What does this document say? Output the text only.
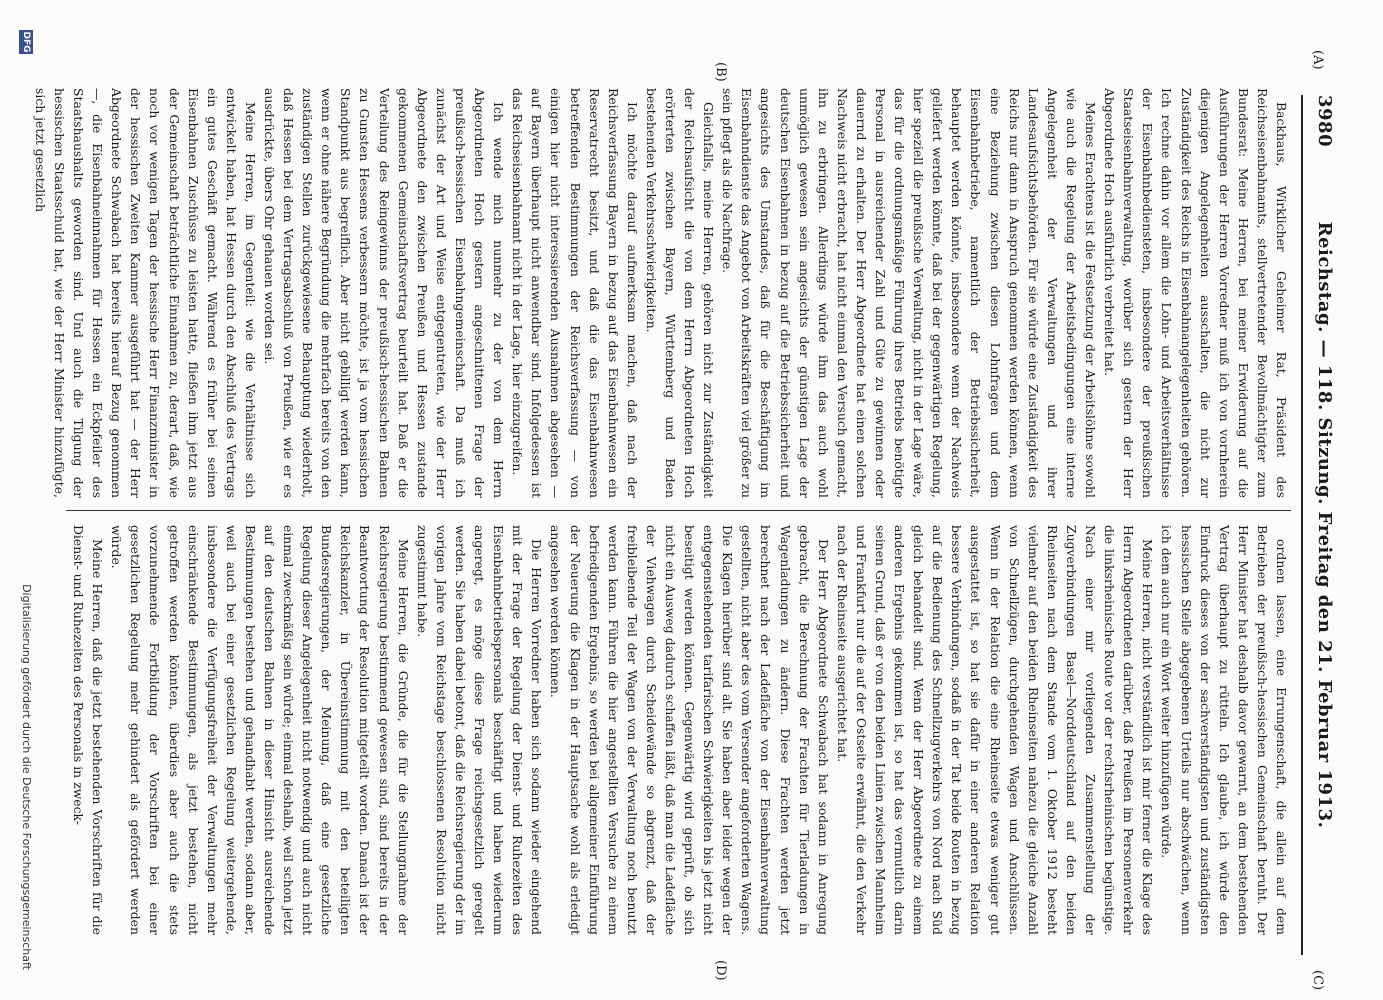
3980
Reichstag. — 118. Sitzung. Freitag den 21. Februar 1913.
(A)
(B)
(C)
(D)

Backhaus, Wirklicher Geheimer Rat, Präsident des Reichseisenbahnamts, stellvertretender Bevollmächtigter zum Bundesrat: Meine Herren, bei meiner Erwiderung auf die Ausführungen der Herren Vorredner muß ich von vornherein diejenigen Angelegenheiten ausschalten, die nicht zur Zuständigkeit des Reichs in Eisenbahnangelegenheiten gehören. Ich rechne dahin vor allem die Lohn- und Arbeitsverhältnisse der Eisenbahnbediensteten, insbesondere der preußischen Staatseisenbahnverwaltung, worüber sich gestern der Herr Abgeordnete Hoch ausführlich verbreitet hat.

Meines Erachtens ist die Festsetzung der Arbeitslöhne sowohl wie auch die Regelung der Arbeitsbedingungen eine interne Angelegenheit der Verwaltungen und ihrer Landesaufsichtsbehörden. Für sie würde eine Zuständigkeit des Reichs nur dann in Anspruch genommen werden können, wenn eine Beziehung zwischen diesen Lohnfragen und dem Eisenbahnbetriebe, namentlich der Betriebssicherheit, behauptet werden könnte, insbesondere wenn der Nachweis geliefert werden könnte, daß bei der gegenwärtigen Regelung, hier speziell die preußische Verwaltung, nicht in der Lage wäre, das für die ordnungsmäßige Führung ihres Betriebs benötigte Personal in ausreichender Zahl und Güte zu gewinnen oder dauernd zu erhalten. Der Herr Abgeordnete hat einen solchen Nachweis nicht erbracht, hat nicht einmal den Versuch gemacht, ihn zu erbringen. Allerdings würde ihm das auch wohl unmöglich gewesen sein angesichts der günstigen Lage der deutschen Eisenbahnen in bezug auf die Betriebssicherheit und angesichts des Umstandes, daß für die Beschäftigung im Eisenbahndienste das Angebot von Arbeitskräften viel größer zu sein pflegt als die Nachfrage.

Gleichfalls, meine Herren, gehören nicht zur Zuständigkeit der Reichsaufsicht die von dem Herrn Abgeordneten Hoch erörterten zwischen Bayern, Württemberg und Baden bestehenden Verkehrsschwierigkeiten.

Ich möchte darauf aufmerksam machen, daß nach der Reichsverfassung Bayern in bezug auf das Eisenbahnwesen ein Reservatrecht besitzt, und daß die das Eisenbahnwesen betreffenden Bestimmungen der Reichsverfassung — von einigen hier nicht interessierenden Ausnahmen abgesehen — auf Bayern überhaupt nicht anwendbar sind. Infolgedessen ist das Reichseisenbahnamt nicht in der Lage, hier einzugreifen.

Ich wende mich nunmehr zu der von dem Herrn Abgeordneten Hoch gestern angeschnittenen Frage der preußisch-hessischen Eisenbahngemeinschaft. Da muß ich zunächst der Art und Weise entgegentreten, wie der Herr Abgeordnete den zwischen Preußen und Hessen zustande gekommenen Gemeinschaftsvertrag beurteilt hat. Daß er die Verteilung des Reingewinns der preußisch-hessischen Bahnen zu Gunsten Hessens verbessern möchte, ist ja vom hessischen Standpunkt aus begreiflich. Aber nicht gebilligt werden kann, wenn er ohne nähere Begründung die mehrfach bereits von den zuständigen Stellen zurückgewiesene Behauptung wiederholt, daß Hessen bei dem Vertragsabschluß von Preußen, wie er es ausdrückte, übers Ohr gehauen worden sei.

Meine Herren, im Gegenteil: wie die Verhältnisse sich entwickelt haben, hat Hessen durch den Abschluß des Vertrags ein gutes Geschäft gemacht. Während es früher bei seinen Eisenbahnen Zuschüsse zu leisten hatte, fließen ihm jetzt aus der Gemeinschaft beträchtliche Einnahmen zu, derart, daß, wie noch vor wenigen Tagen der hessische Herr Finanzminister in der hessischen Zweiten Kammer ausgeführt hat — der Herr Abgeordnete Schwabach hat bereits hierauf Bezug genommen —, die Eisenbahneinnahmen für Hessen ein Eckpfeiler des Staatshaushalts geworden sind. Und auch die Tilgung der hessischen Staatsschuld hat, wie der Herr Minister hinzufügte, sich jetzt gesetzlich

ordnen lassen, eine Errungenschaft, die allein auf dem Betrieben der preußisch-hessischen Gemeinschaft beruht. Der Herr Minister hat deshalb davor gewarnt, an dem bestehenden Vertrag überhaupt zu rütteln. Ich glaube, ich würde den Eindruck dieses von der sachverständigsten und zuständigsten hessischen Stelle abgegebenen Urteils nur abschwächen, wenn ich dem auch nur ein Wort weiter hinzufügen würde.

Meine Herren, nicht verständlich ist mir ferner die Klage des Herrn Abgeordneten darüber, daß Preußen im Personenverkehr die linksrheinische Route vor der rechtsrheinischen begünstige. Nach einer mir vorliegenden Zusammenstellung der Zugverbindungen Basel—Norddeutschland auf den beiden Rheinseiten nach dem Stande vom 1. Oktober 1912 besteht vielmehr auf den beiden Rheinseiten nahezu die gleiche Anzahl von Schnellzügen, durchgehenden Wagen und Anschlüssen. Wenn in der Relation die eine Rheinseite etwas weniger gut ausgestattet ist, so hat sie dafür in einer anderen Relation bessere Verbindungen, sodaß in der Tat beide Routen in bezug auf die Bedienung des Schnellzugverkehrs von Nord nach Süd gleich behandelt sind. Wenn der Herr Abgeordnete zu einem anderen Ergebnis gekommen ist, so hat das vermutlich darin seinen Grund, daß er von den beiden Linien zwischen Mannheim und Frankfurt nur die auf der Ostseite erwähnt, die den Verkehr nach der Rheinseite ausgerichtet hat.

Der Herr Abgeordnete Schwabach hat sodann in Anregung gebracht, die Berechnung der Frachten für Tierladungen in Wagenladungen zu ändern. Diese Frachten werden jetzt berechnet nach der Ladefläche von der Eisenbahnverwaltung gestellten, nicht aber des vom Versender angeforderten Wagens. Die Klagen hierüber sind alt. Sie haben aber leider wegen der entgegenstehenden tarifarischen Schwierigkeiten bis jetzt nicht beseitigt werden können. Gegenwärtig wird geprüft, ob sich nicht ein Ausweg dadurch schaffen läßt, daß man die Ladefläche der Viehwagen durch Scheidewände so abgrenzt, daß der freibleibende Teil der Wagen von der Verwaltung noch benutzt werden kann. Führen die hier angestellten Versuche zu einem befriedigenden Ergebnis, so werden bei allgemeiner Einführung der Neuerung die Klagen in der Hauptsache wohl als erledigt angesehen werden können.

Die Herren Vorredner haben sich sodann wieder eingehend mit der Frage der Regelung der Dienst- und Ruhezeiten des Eisenbahnbetriebspersonals beschäftigt und haben wiederum angeregt, es möge diese Frage reichsgesetzlich geregelt werden. Sie haben dabei betont, daß die Reichsregierung der im vorigen Jahre vom Reichstage beschlossenen Resolution nicht zugestimmt habe.

Meine Herren, die Gründe, die für die Stellungnahme der Reichsregierung bestimmend gewesen sind, sind bereits in der Beantwortung der Resolution mitgeteilt worden. Danach ist der Reichskanzler, in Übereinstimmung mit den beteiligten Bundesregierungen, der Meinung, daß eine gesetzliche Regelung dieser Angelegenheit nicht notwendig und auch nicht einmal zweckmäßig sein würde; einmal deshalb, weil schon jetzt auf den deutschen Bahnen in dieser Hinsicht ausreichende Bestimmungen bestehen und gehandhabt werden, sodann aber, weil auch bei einer gesetzlichen Regelung weitergehende, insbesondere die Verfügungsfreiheit der Verwaltungen mehr einschränkende Bestimmungen, als jetzt bestehen, nicht getroffen werden könnten, überdies aber auch die stets vorzunehmende Fortbildung der Vorschriften bei einer gesetzlichen Regelung mehr gehindert als gefördert werden würde.

Meine Herren, daß die jetzt bestehenden Vorschriften für die Dienst- und Ruhezeiten des Personals in zweck-

DFG
Digitalisierung gefördert durch die Deutsche Forschungsgemeinschaft
